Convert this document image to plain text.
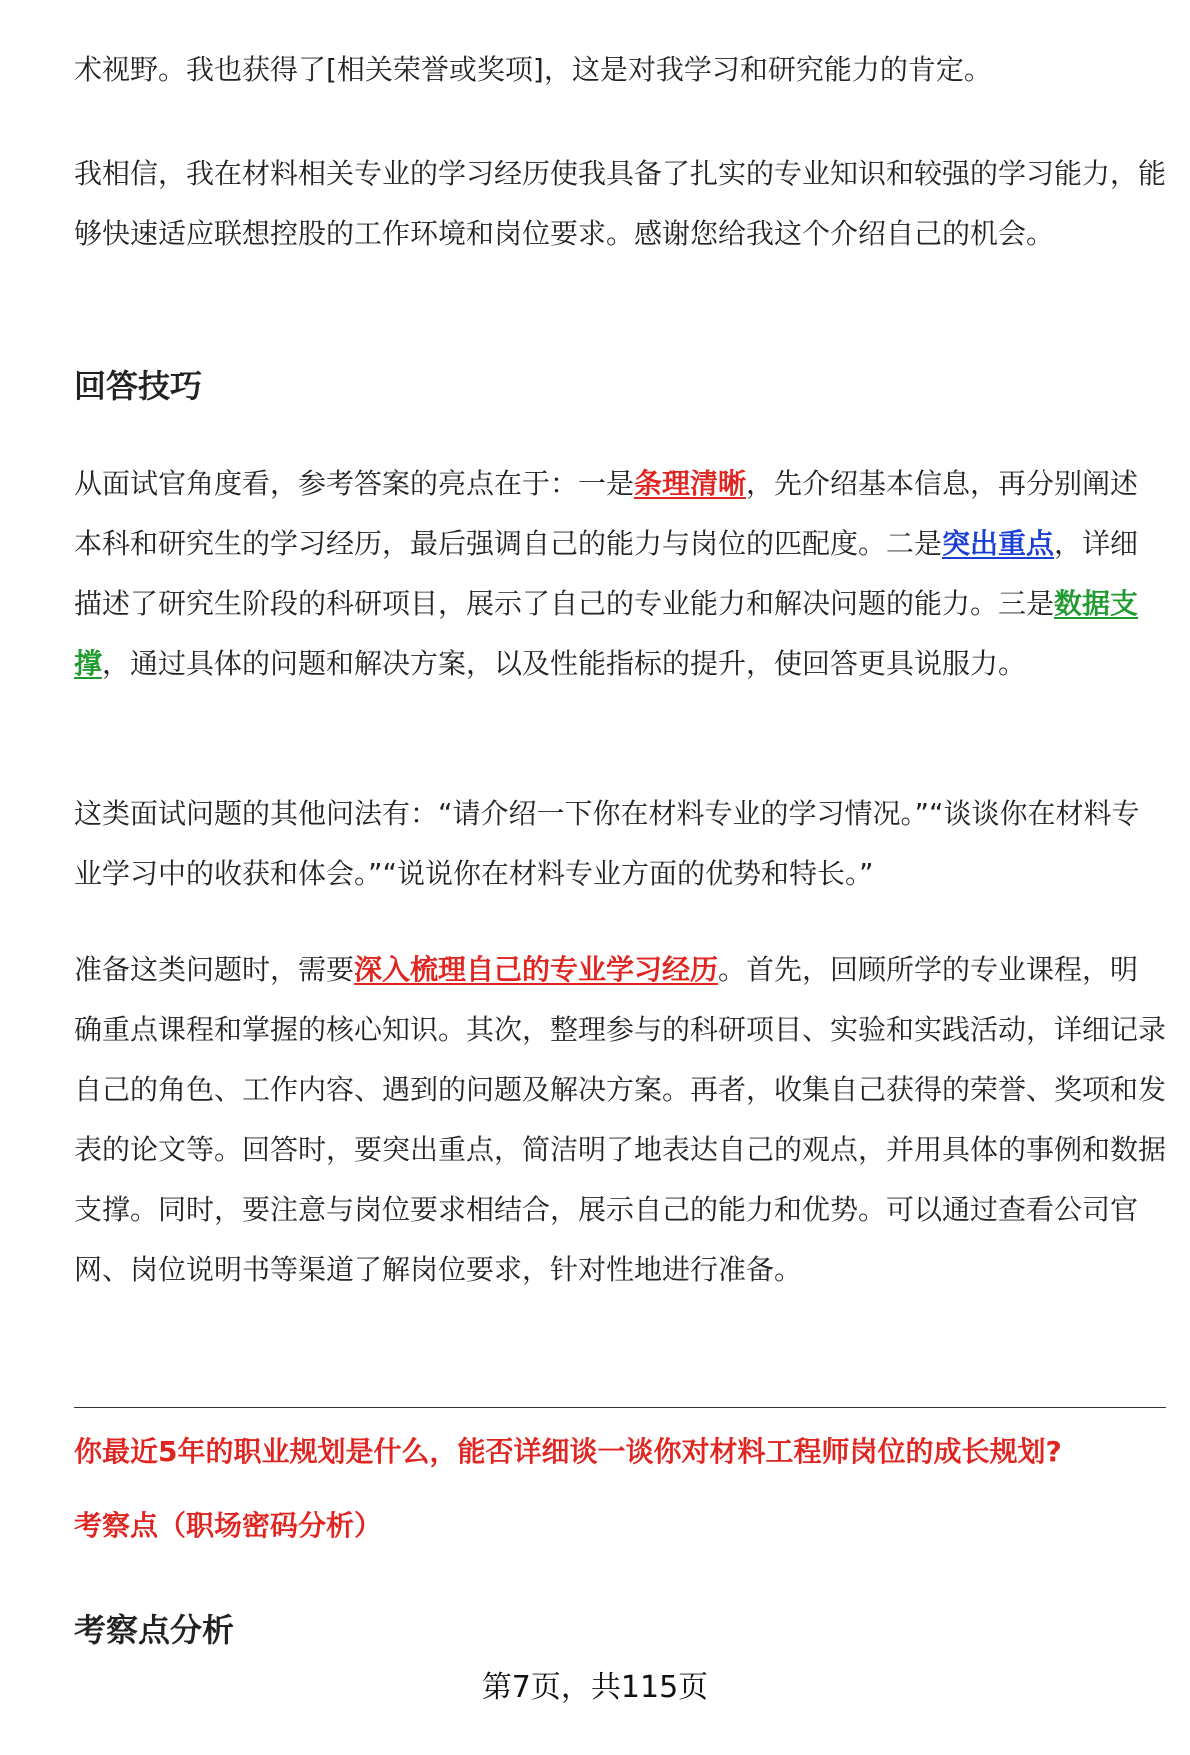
术视野。我也获得了[相关荣誉或奖项]，这是对我学习和研究能力的肯定。

我相信，我在材料相关专业的学习经历使我具备了扎实的专业知识和较强的学习能力，能够快速适应联想控股的工作环境和岗位要求。感谢您给我这个介绍自己的机会。

回答技巧

从面试官角度看，参考答案的亮点在于：一是条理清晰，先介绍基本信息，再分别阐述本科和研究生的学习经历，最后强调自己的能力与岗位的匹配度。二是突出重点，详细描述了研究生阶段的科研项目，展示了自己的专业能力和解决问题的能力。三是数据支撑，通过具体的问题和解决方案，以及性能指标的提升，使回答更具说服力。

这类面试问题的其他问法有：“请介绍一下你在材料专业的学习情况。”“谈谈你在材料专业学习中的收获和体会。”“说说你在材料专业方面的优势和特长。”

准备这类问题时，需要深入梳理自己的专业学习经历。首先，回顾所学的专业课程，明确重点课程和掌握的核心知识。其次，整理参与的科研项目、实验和实践活动，详细记录自己的角色、工作内容、遇到的问题及解决方案。再者，收集自己获得的荣誉、奖项和发表的论文等。回答时，要突出重点，简洁明了地表达自己的观点，并用具体的事例和数据支撑。同时，要注意与岗位要求相结合，展示自己的能力和优势。可以通过查看公司官网、岗位说明书等渠道了解岗位要求，针对性地进行准备。

你最近5年的职业规划是什么，能否详细谈一谈你对材料工程师岗位的成长规划?

考察点（职场密码分析）

考察点分析
第7页，共115页
